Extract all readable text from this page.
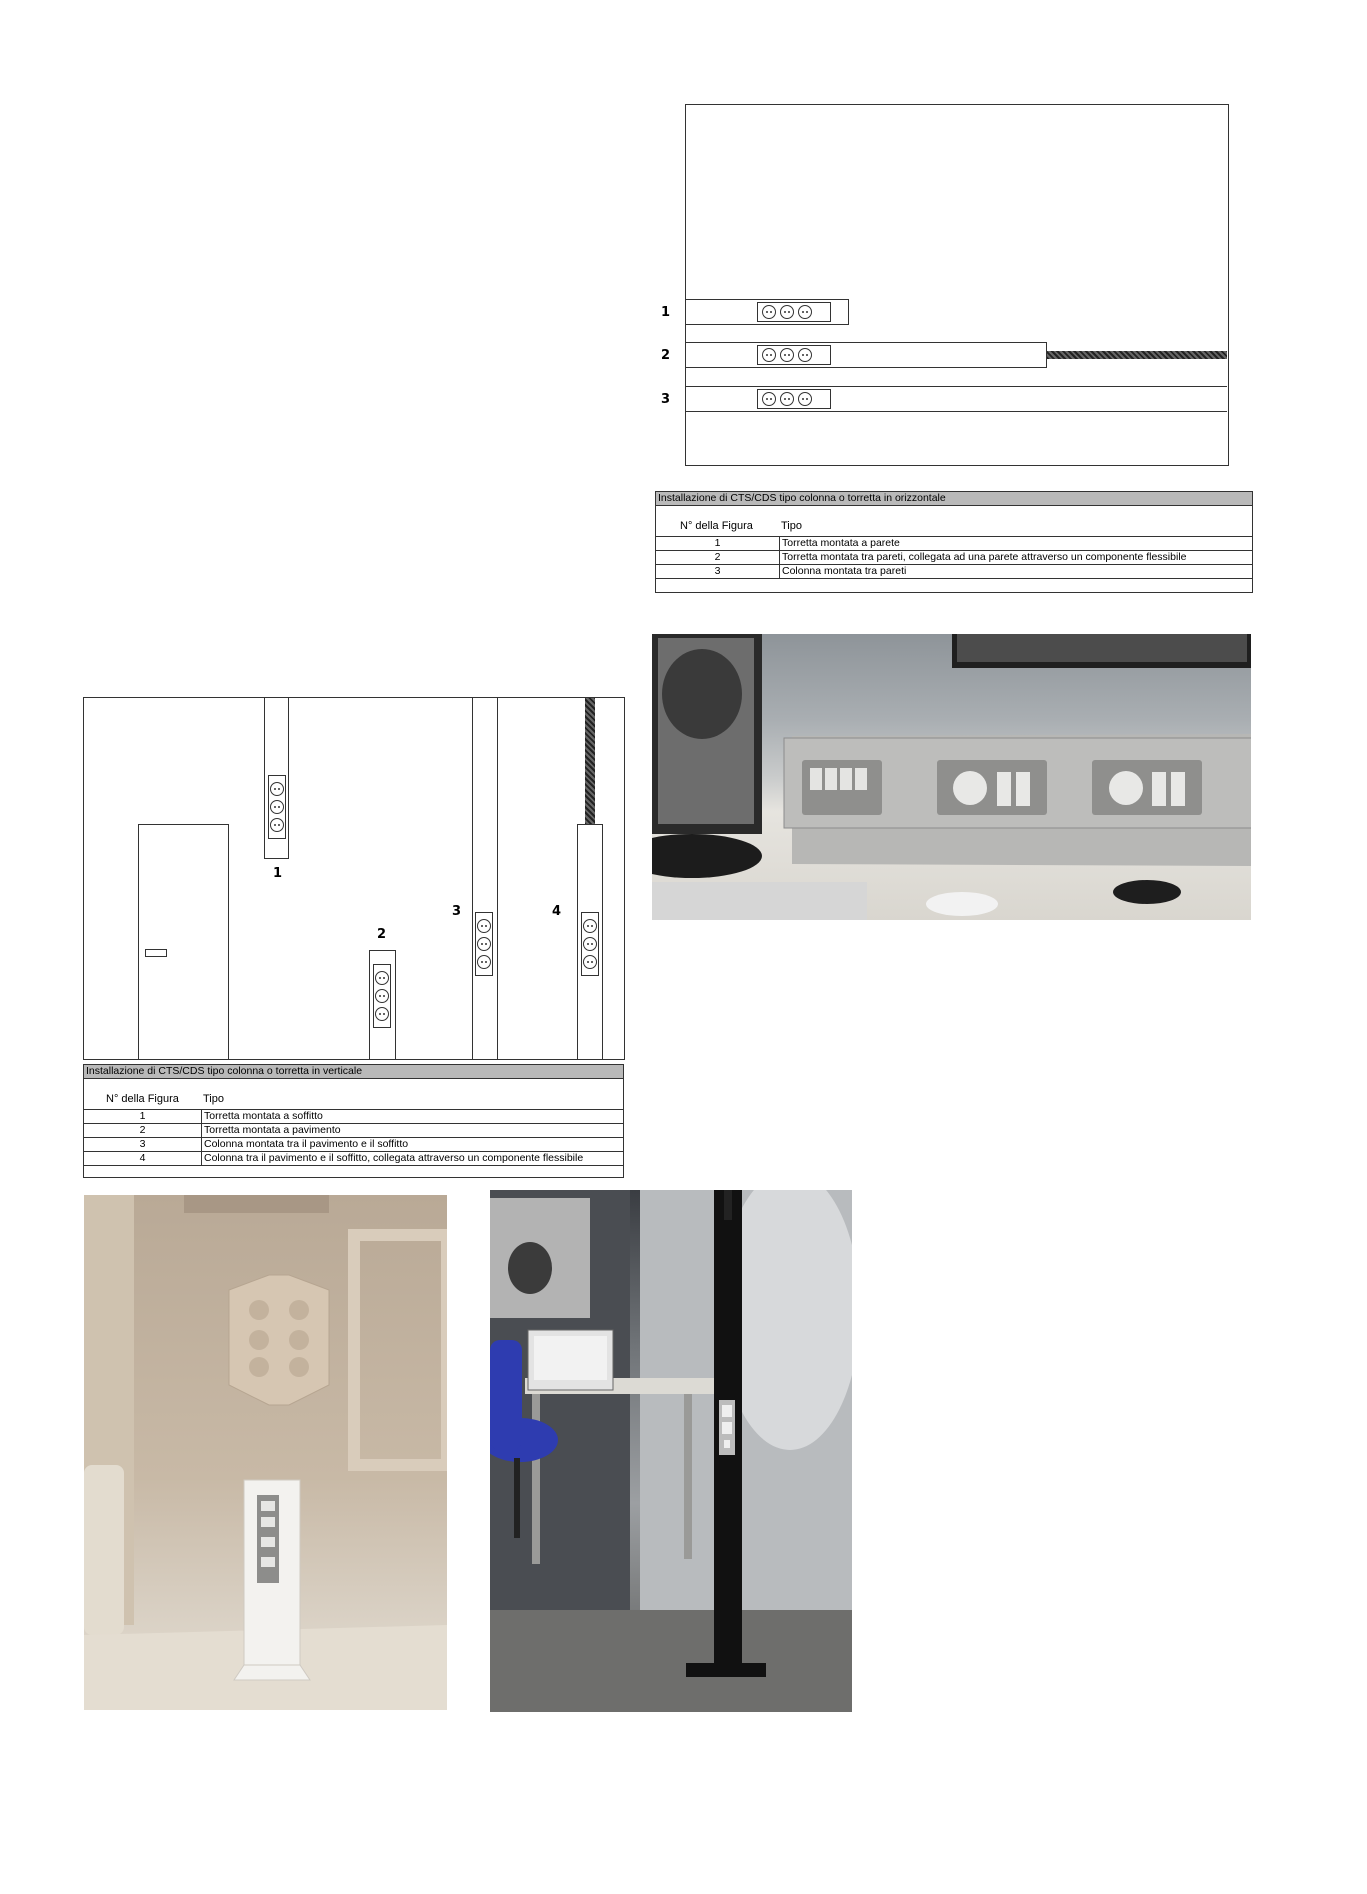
1
2
3
Installazione di CTS/CDS tipo colonna o torretta in orizzontale
N° della Figura	Tipo
1	Torretta montata a parete
2	Torretta montata tra pareti, collegata ad una parete attraverso un componente flessibile
3	Colonna montata tra pareti
1
2
3	4
Installazione di CTS/CDS tipo colonna o torretta in verticale
N° della Figura Tipo
1	Torretta montata a soffitto
2	Torretta montata a pavimento
3	Colonna montata tra il pavimento e il soffitto
4	Colonna tra il pavimento e il soffitto, collegata attraverso un componente flessibile
